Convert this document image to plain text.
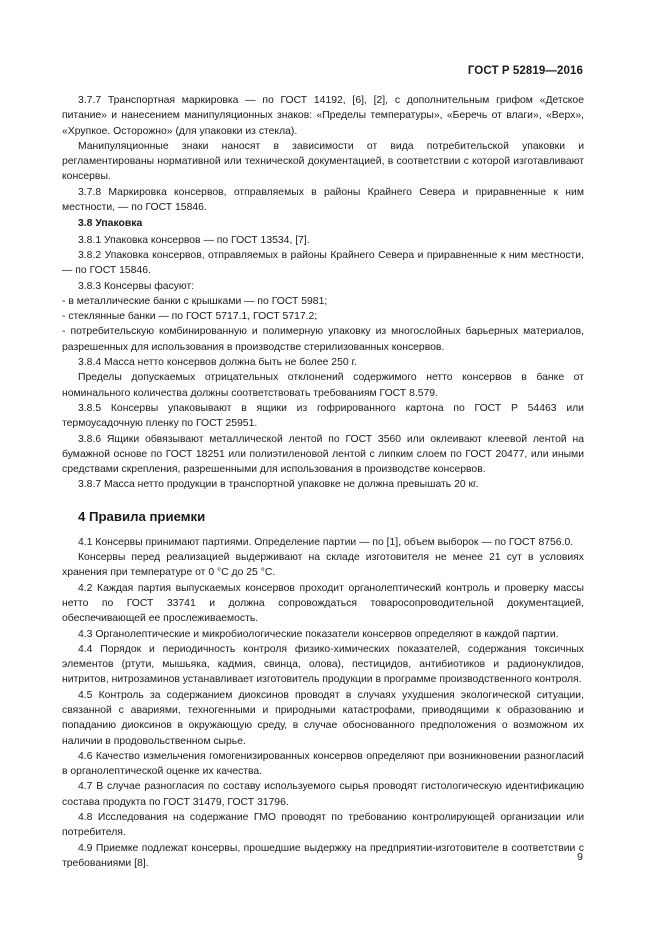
ГОСТ Р 52819—2016

3.7.7 Транспортная маркировка — по ГОСТ 14192, [6], [2], с дополнительным грифом «Детское питание» и нанесением манипуляционных знаков: «Пределы температуры», «Беречь от влаги», «Верх», «Хрупкое. Осторожно» (для упаковки из стекла).

Манипуляционные знаки наносят в зависимости от вида потребительской упаковки и регламентированы нормативной или технической документацией, в соответствии с которой изготавливают консервы.

3.7.8 Маркировка консервов, отправляемых в районы Крайнего Севера и приравненные к ним местности, — по ГОСТ 15846.

3.8 Упаковка

3.8.1 Упаковка консервов — по ГОСТ 13534, [7].

3.8.2 Упаковка консервов, отправляемых в районы Крайнего Севера и приравненные к ним местности, — по ГОСТ 15846.

3.8.3 Консервы фасуют:

- в металлические банки с крышками — по ГОСТ 5981;

- стеклянные банки — по ГОСТ 5717.1, ГОСТ 5717.2;

- потребительскую комбинированную и полимерную упаковку из многослойных барьерных материалов, разрешенных для использования в производстве стерилизованных консервов.

3.8.4 Масса нетто консервов должна быть не более 250 г.

Пределы допускаемых отрицательных отклонений содержимого нетто консервов в банке от номинального количества должны соответствовать требованиям ГОСТ 8.579.

3.8.5 Консервы упаковывают в ящики из гофрированного картона по ГОСТ Р 54463 или термоусадочную пленку по ГОСТ 25951.

3.8.6 Ящики обвязывают металлической лентой по ГОСТ 3560 или оклеивают клеевой лентой на бумажной основе по ГОСТ 18251 или полиэтиленовой лентой с липким слоем по ГОСТ 20477, или иными средствами скрепления, разрешенными для использования в производстве консервов.

3.8.7 Масса нетто продукции в транспортной упаковке не должна превышать 20 кг.

4 Правила приемки

4.1 Консервы принимают партиями. Определение партии — по [1], объем выборок — по ГОСТ 8756.0.

Консервы перед реализацией выдерживают на складе изготовителя не менее 21 сут в условиях хранения при температуре от 0 °С до 25 °С.

4.2 Каждая партия выпускаемых консервов проходит органолептический контроль и проверку массы нетто по ГОСТ 33741 и должна сопровождаться товаросопроводительной документацией, обеспечивающей ее прослеживаемость.

4.3 Органолептические и микробиологические показатели консервов определяют в каждой партии.

4.4 Порядок и периодичность контроля физико-химических показателей, содержания токсичных элементов (ртути, мышьяка, кадмия, свинца, олова), пестицидов, антибиотиков и радионуклидов, нитритов, нитрозаминов устанавливает изготовитель продукции в программе производственного контроля.

4.5 Контроль за содержанием диоксинов проводят в случаях ухудшения экологической ситуации, связанной с авариями, техногенными и природными катастрофами, приводящими к образованию и попаданию диоксинов в окружающую среду, в случае обоснованного предположения о возможном их наличии в продовольственном сырье.

4.6 Качество измельчения гомогенизированных консервов определяют при возникновении разногласий в органолептической оценке их качества.

4.7 В случае разногласия по составу используемого сырья проводят гистологическую идентификацию состава продукта по ГОСТ 31479, ГОСТ 31796.

4.8 Исследования на содержание ГМО проводят по требованию контролирующей организации или потребителя.

4.9 Приемке подлежат консервы, прошедшие выдержку на предприятии-изготовителе в соответствии с требованиями [8].

9
